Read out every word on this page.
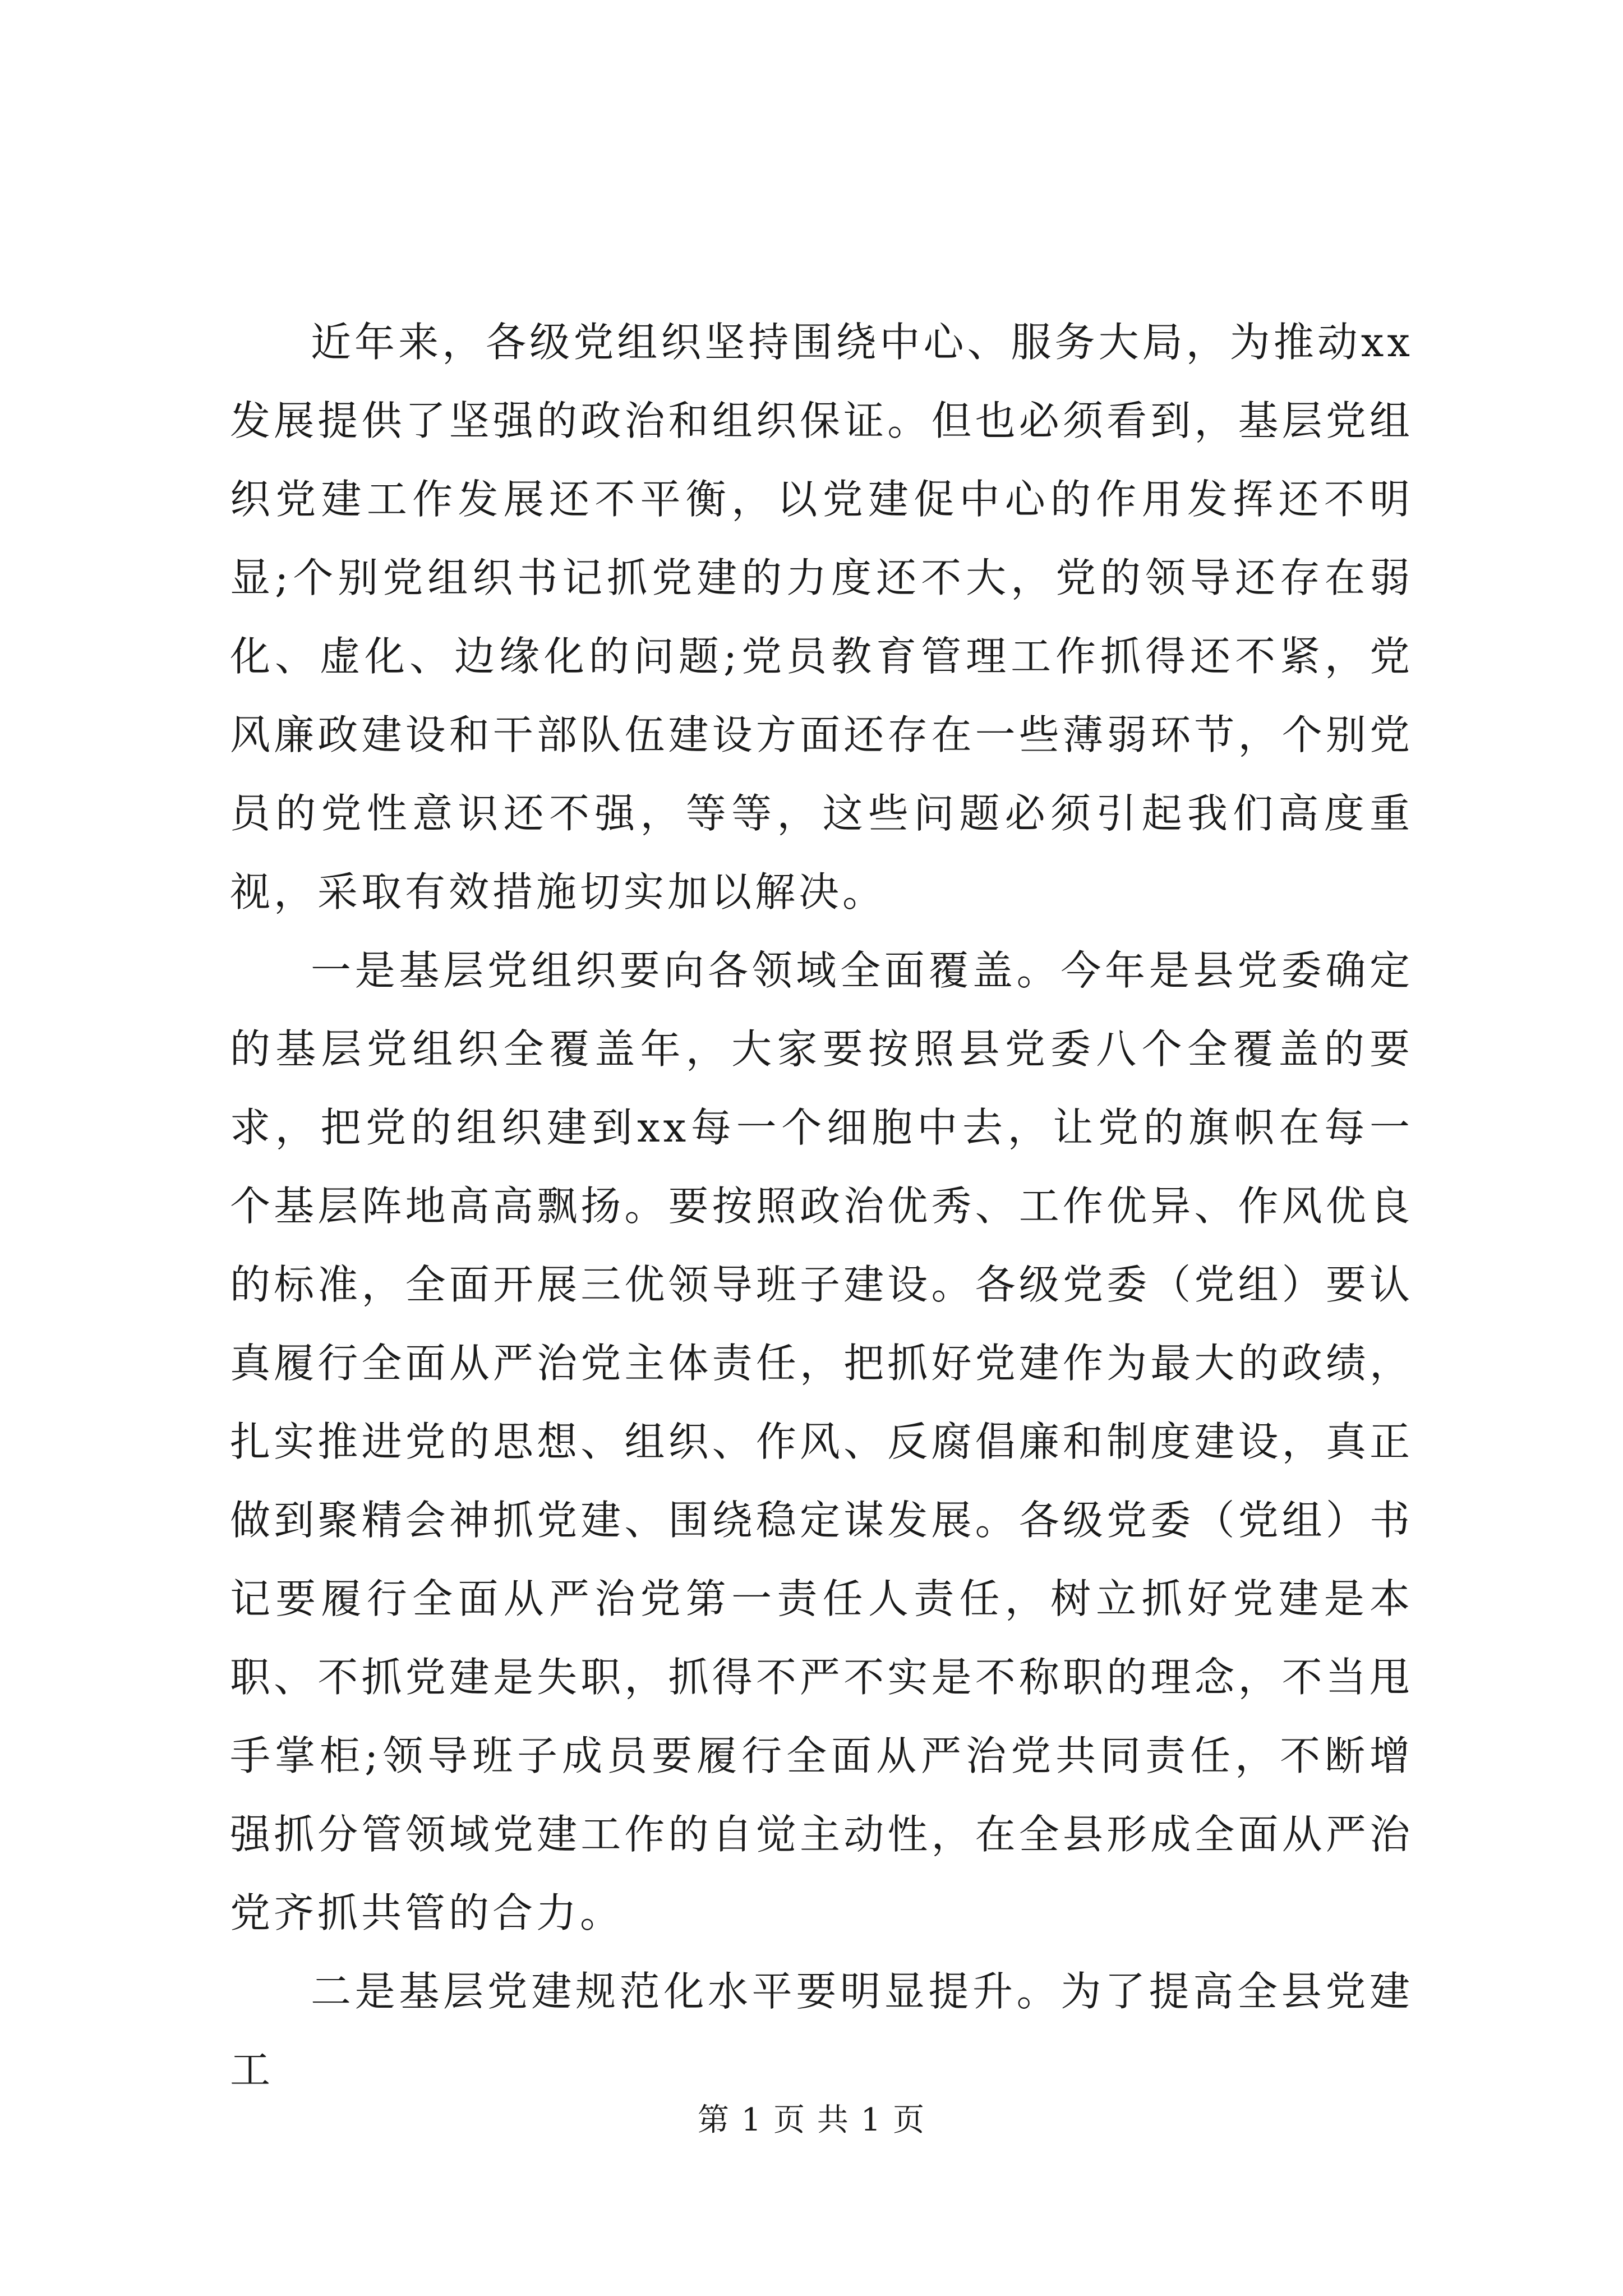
近年来，各级党组织坚持围绕中心、服务大局，为推动xx发展提供了坚强的政治和组织保证。但也必须看到，基层党组织党建工作发展还不平衡，以党建促中心的作用发挥还不明显;个别党组织书记抓党建的力度还不大，党的领导还存在弱化、虚化、边缘化的问题;党员教育管理工作抓得还不紧，党风廉政建设和干部队伍建设方面还存在一些薄弱环节，个别党员的党性意识还不强，等等，这些问题必须引起我们高度重视，采取有效措施切实加以解决。

一是基层党组织要向各领域全面覆盖。今年是县党委确定的基层党组织全覆盖年，大家要按照县党委八个全覆盖的要求，把党的组织建到xx每一个细胞中去，让党的旗帜在每一个基层阵地高高飘扬。要按照政治优秀、工作优异、作风优良的标准，全面开展三优领导班子建设。各级党委（党组）要认真履行全面从严治党主体责任，把抓好党建作为最大的政绩，扎实推进党的思想、组织、作风、反腐倡廉和制度建设，真正做到聚精会神抓党建、围绕稳定谋发展。各级党委（党组）书记要履行全面从严治党第一责任人责任，树立抓好党建是本职、不抓党建是失职，抓得不严不实是不称职的理念，不当甩手掌柜;领导班子成员要履行全面从严治党共同责任，不断增强抓分管领域党建工作的自觉主动性，在全县形成全面从严治党齐抓共管的合力。

二是基层党建规范化水平要明显提升。为了提高全县党建工

第 1 页 共 1 页
